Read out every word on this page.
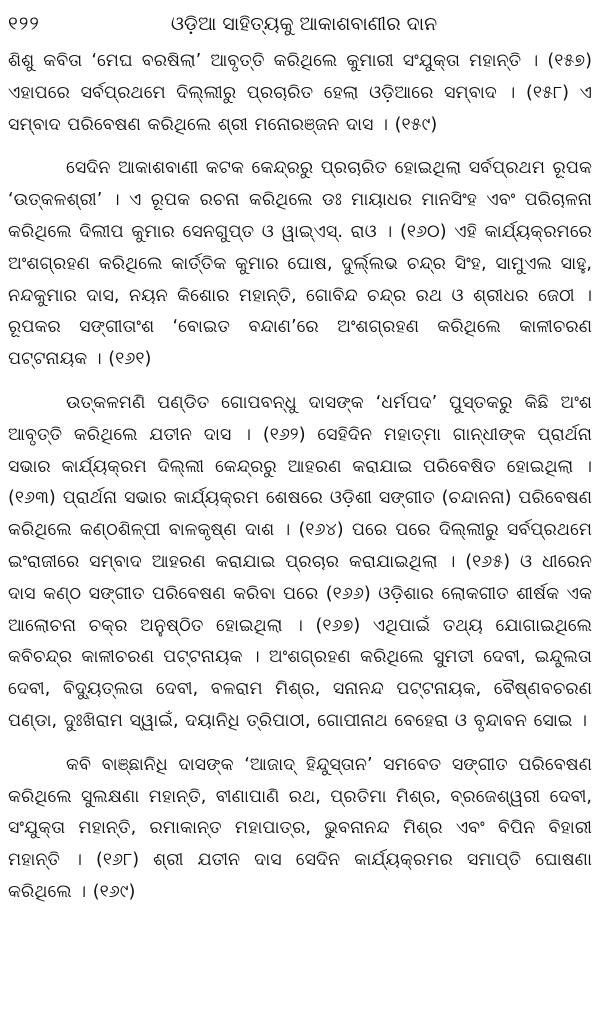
୧୨୨	ଓଡ଼ିଆ ସାହିତ୍ୟକୁ ଆକାଶବାଣୀର ଦାନ

ଶିଶୁ କବିତା ‘ମେଘ ବରଷିଲା’ ଆବୃତ୍ତି କରିଥିଲେ କୁମାରୀ ସଂଯୁକ୍ତା ମହାନ୍ତି । (୧୫୭) ଏହାପରେ ସର୍ବପ୍ରଥମେ ଦିଲ୍ଲୀରୁ ପ୍ରଚାରିତ ହେଲା ଓଡ଼ିଆରେ ସମ୍ବାଦ । (୧୫୮) ଏ ସମ୍ବାଦ ପରିବେଷଣ କରିଥିଲେ ଶ୍ରୀ ମନୋରଞ୍ଜନ ଦାସ । (୧୫୯)

ସେଦିନ ଆକାଶବାଣୀ କଟକ କେନ୍ଦ୍ରରୁ ପ୍ରଚାରିତ ହୋଇଥିଲା ସର୍ବପ୍ରଥମ ରୂପକ ‘ଉତ୍କଳଶ୍ରୀ’ । ଏ ରୂପକ ରଚନା କରିଥିଲେ ଡଃ ମାୟାଧର ମାନସିଂହ ଏବଂ ପରିଚାଳନା କରିଥିଲେ ଦିଲୀପ କୁମାର ସେନଗୁପ୍ତ ଓ ୱାଇ୍‌ଏସ୍‌. ରାଓ । (୧୬୦) ଏହି କାର୍ଯ୍ୟକ୍ରମରେ ଅଂଶଗ୍ରହଣ କରିଥିଲେ କାର୍ତ୍ତିକ କୁମାର ଘୋଷ, ଦୁର୍ଲ୍ଲଭ ଚନ୍ଦ୍ର ସିଂହ, ସାମୁଏଲ ସାହୁ, ନନ୍ଦକୁମାର ଦାସ, ନୟନ କିଶୋର ମହାନ୍ତି, ଗୋବିନ୍ଦ ଚନ୍ଦ୍ର ରଥ ଓ ଶ୍ରୀଧର ଜେଠୀ । ରୂପକର ସଙ୍ଗୀତାଂଶ ‘ବୋଇତ ବନ୍ଦାଣ’ରେ ଅଂଶଗ୍ରହଣ କରିଥିଲେ କାଳୀଚରଣ ପଟ୍ଟନାୟକ । (୧୬୧)

ଉତ୍କଳମଣି ପଣ୍ଡିତ ଗୋପବନ୍ଧୁ ଦାସଙ୍କ ‘ଧର୍ମପଦ’ ପୁସ୍ତକରୁ କିଛି ଅଂଶ ଆବୃତ୍ତି କରିଥିଲେ ଯତୀନ ଦାସ । (୧୬୨) ସେହିଦିନ ମହାତ୍ମା ଗାନ୍ଧୀଙ୍କ ପ୍ରାର୍ଥନା ସଭାର କାର୍ଯ୍ୟକ୍ରମ ଦିଲ୍ଲୀ କେନ୍ଦ୍ରରୁ ଆହରଣ କରାଯାଇ ପରିବେଷିତ ହୋଇଥିଲା । (୧୬୩) ପ୍ରାର୍ଥନା ସଭାର କାର୍ଯ୍ୟକ୍ରମ ଶେଷରେ ଓଡ଼ିଶୀ ସଙ୍ଗୀତ (ଚନ୍ଦାନନା) ପରିବେଷଣ କରିଥିଲେ କଣ୍ଠଶିଳ୍ପୀ ବାଳକୃଷ୍ଣ ଦାଶ । (୧୬୪) ପରେ ପରେ ଦିଲ୍ଲୀରୁ ସର୍ବପ୍ରଥମେ ଇଂରାଜୀରେ ସମ୍ବାଦ ଆହରଣ କରାଯାଇ ପ୍ରଚାର କରାଯାଇଥିଲା । (୧୬୫) ଓ ଧୀରେନ ଦାସ କଣ୍ଠ ସଙ୍ଗୀତ ପରିବେଷଣ କରିବା ପରେ (୧୬୬) ଓଡ଼ିଶାର ଲୋକଗୀତ ଶୀର୍ଷକ ଏକ ଆଲୋଚନା ଚକ୍ର ଅନୁଷ୍ଠିତ ହୋଇଥିଲା । (୧୬୭) ଏଥିପାଇଁ ତଥ୍ୟ ଯୋଗାଇଥିଲେ କବିଚନ୍ଦ୍ର କାଳୀଚରଣ ପଟ୍ଟନାୟକ । ଅଂଶଗ୍ରହଣ କରିଥିଲେ ସୁମତୀ ଦେବୀ, ଇନ୍ଦୁଲତା ଦେବୀ, ବିଦ୍ୟୁତ୍‌ଲତା ଦେବୀ, ବଳରାମ ମିଶ୍ର, ସନାନନ୍ଦ ପଟ୍ଟନାୟକ, ବୈଷ୍ଣବଚରଣ ପଣ୍ଡା, ଦୁଃଖିରାମ ସ୍ୱାଇଁ, ଦୟାନିଧି ତ୍ରିପାଠୀ, ଗୋପୀନାଥ ବେହେରା ଓ ବୃନ୍ଦାବନ ସୋଇ ।

କବି ବାଞ୍ଛାନିଧି ଦାସଙ୍କ ‘ଆଜାଦ୍‌ ହିନ୍ଦୁସ୍ତାନ’ ସମବେତ ସଙ୍ଗୀତ ପରିବେଷଣ କରିଥିଲେ ସୁଲକ୍ଷଣା ମହାନ୍ତି, ବୀଣାପାଣି ରଥ, ପ୍ରତିମା ମିଶ୍ର, ବ୍ରଜେଶ୍ୱରୀ ଦେବୀ, ସଂଯୁକ୍ତା ମହାନ୍ତି, ରମାକାନ୍ତ ମହାପାତ୍ର, ଭୁବନାନନ୍ଦ ମିଶ୍ର ଏବଂ ବିପିନ ବିହାରୀ ମହାନ୍ତି । (୧୬୮) ଶ୍ରୀ ଯତୀନ ଦାସ ସେଦିନ କାର୍ଯ୍ୟକ୍ରମର ସମାପ୍ତି ଘୋଷଣା କରିଥିଲେ । (୧୬୯)
